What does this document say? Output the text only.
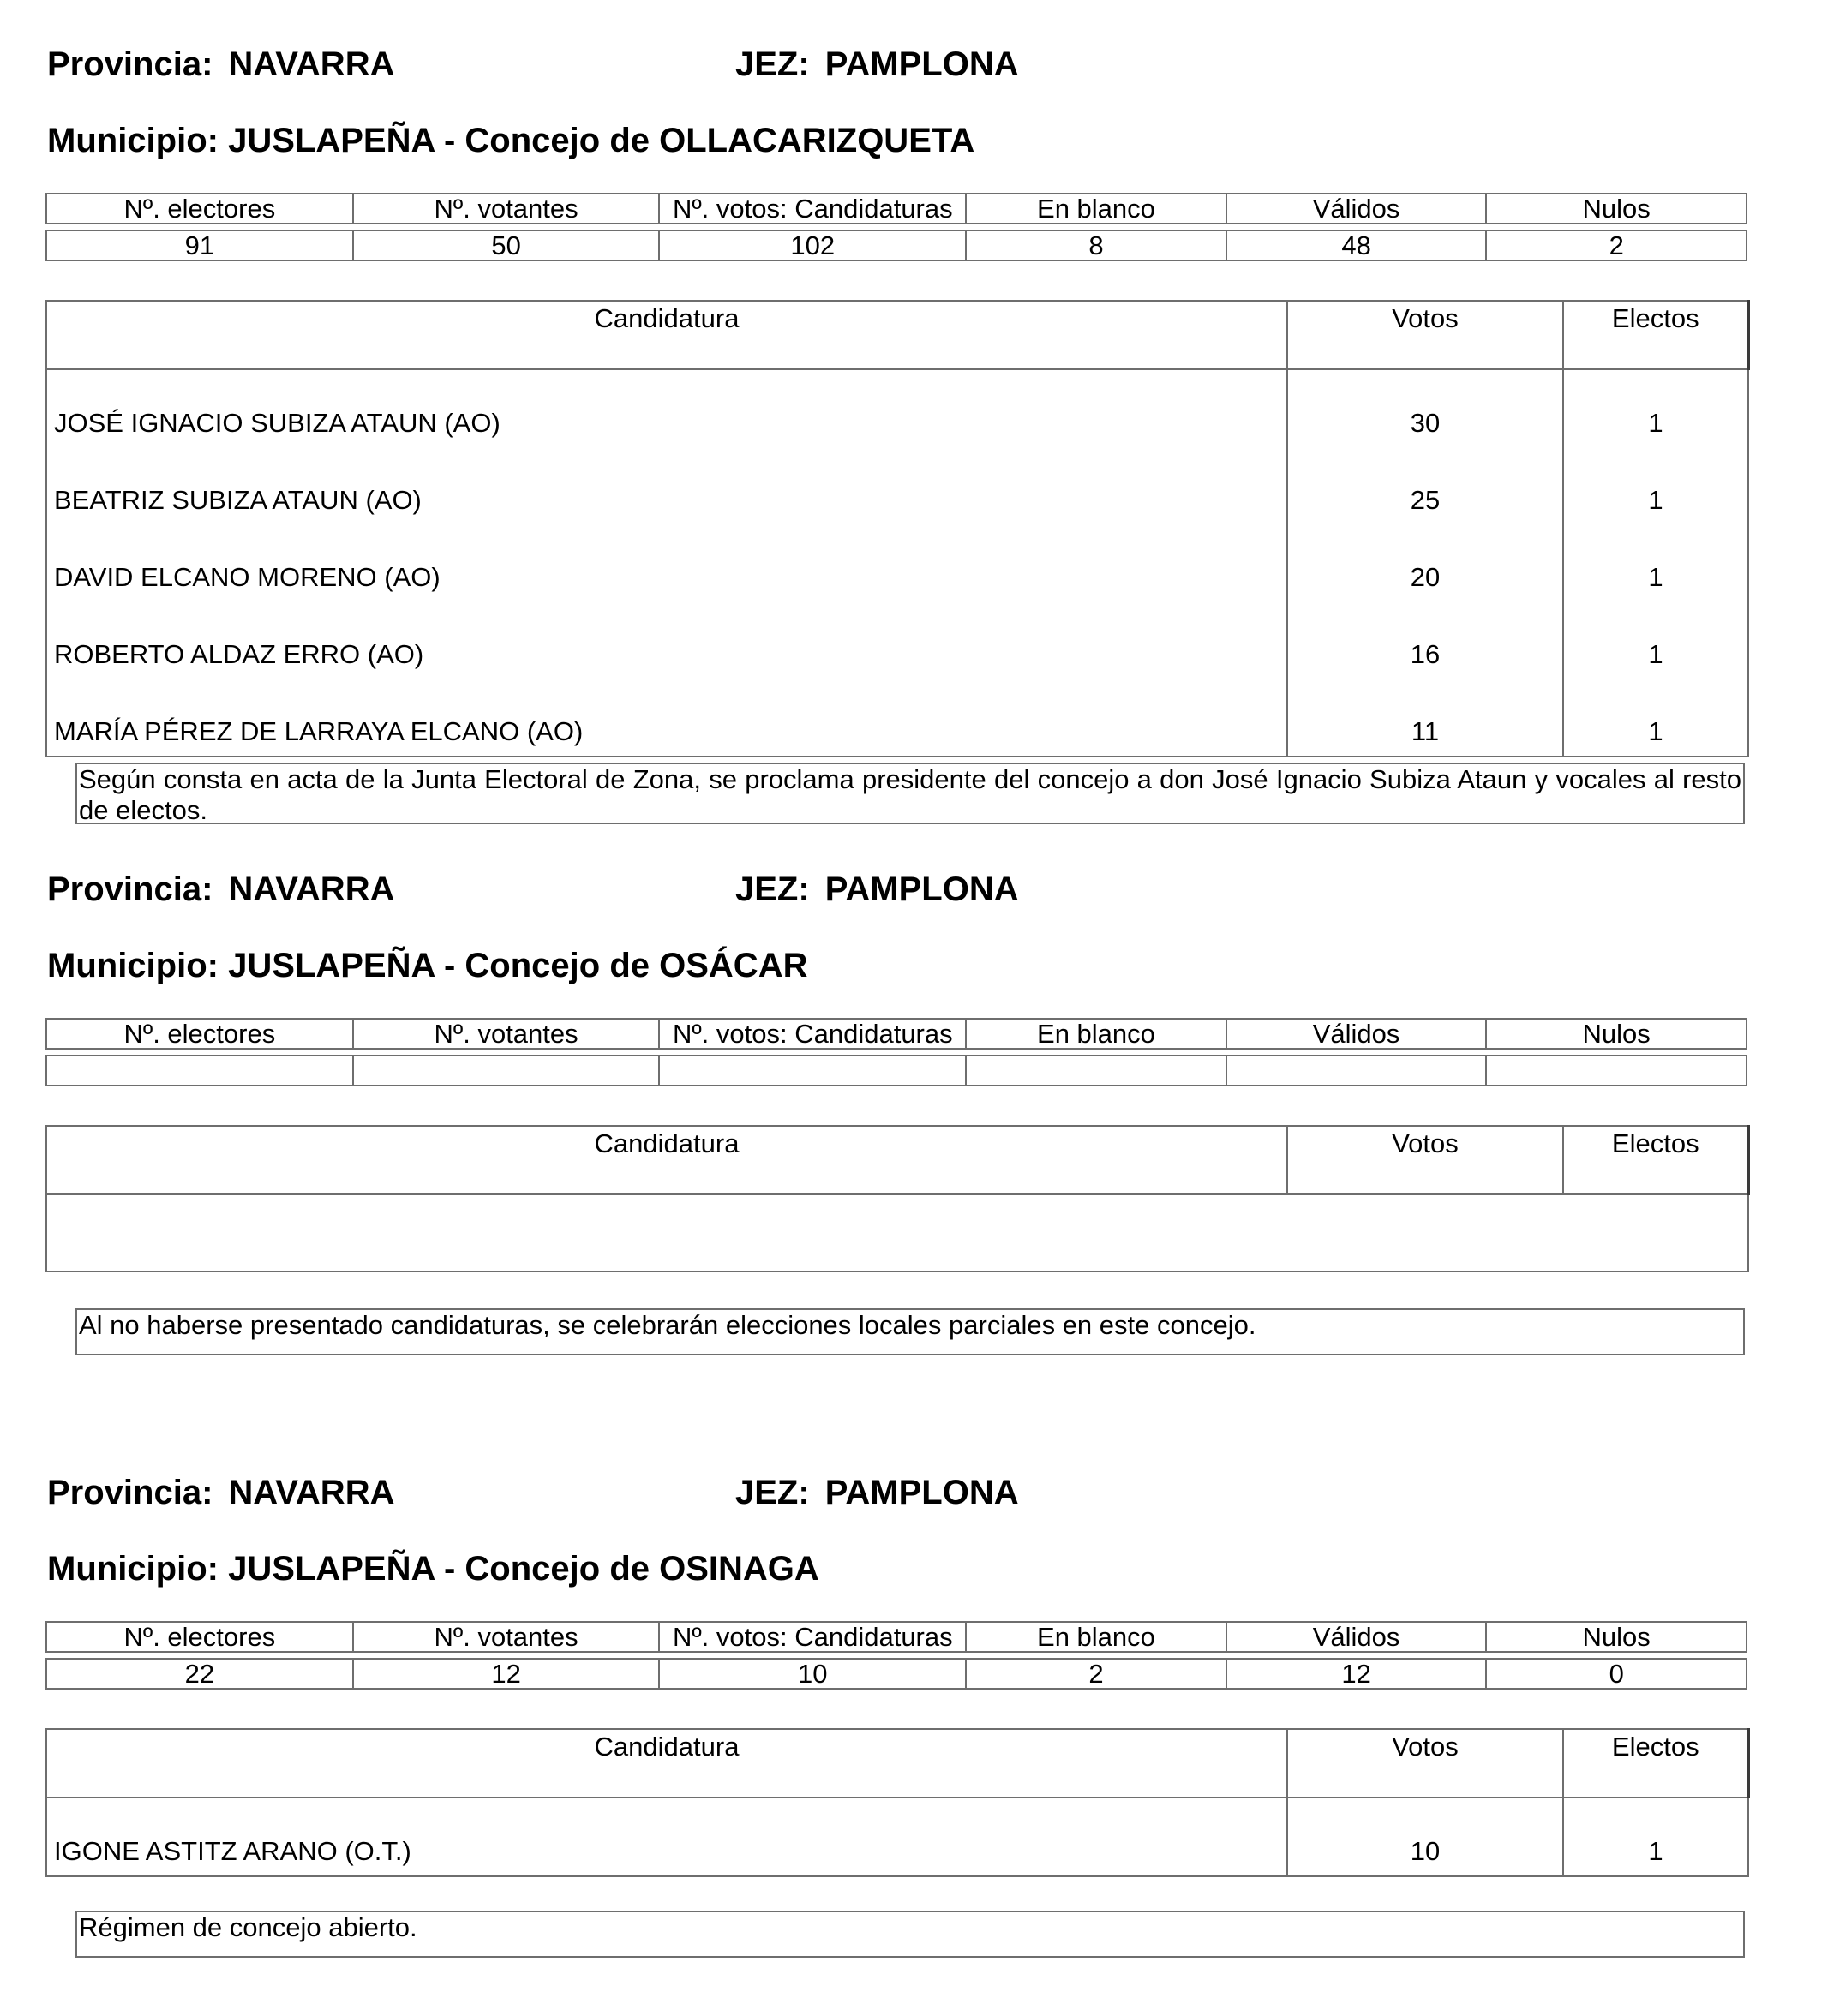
Provincia: NAVARRA	JEZ: PAMPLONA
Municipio: JUSLAPEÑA - Concejo de OLLACARIZQUETA
Nº. electores	Nº. votantes	Nº. votos: Candidaturas	En blanco	Válidos	Nulos

91	50	102	8	48	2
Candidatura	Votos	Electos
JOSÉ IGNACIO SUBIZA ATAUN (AO)	30	1
BEATRIZ SUBIZA ATAUN (AO)	25	1
DAVID ELCANO MORENO (AO)	20	1
ROBERTO ALDAZ ERRO (AO)	16	1
MARÍA PÉREZ DE LARRAYA ELCANO (AO)	11	1
Según consta en acta de la Junta Electoral de Zona, se proclama presidente del concejo a don José Ignacio Subiza Ataun y vocales al resto de electos.
Provincia: NAVARRA	JEZ: PAMPLONA
Municipio: JUSLAPEÑA - Concejo de OSÁCAR
Nº. electores	Nº. votantes	Nº. votos: Candidaturas	En blanco	Válidos	Nulos

Candidatura	Votos	Electos

Al no haberse presentado candidaturas, se celebrarán elecciones locales parciales en este concejo.
Provincia: NAVARRA	JEZ: PAMPLONA
Municipio: JUSLAPEÑA - Concejo de OSINAGA
Nº. electores	Nº. votantes	Nº. votos: Candidaturas	En blanco	Válidos	Nulos

22	12	10	2	12	0
Candidatura	Votos	Electos
IGONE ASTITZ ARANO (O.T.)	10	1
Régimen de concejo abierto.
